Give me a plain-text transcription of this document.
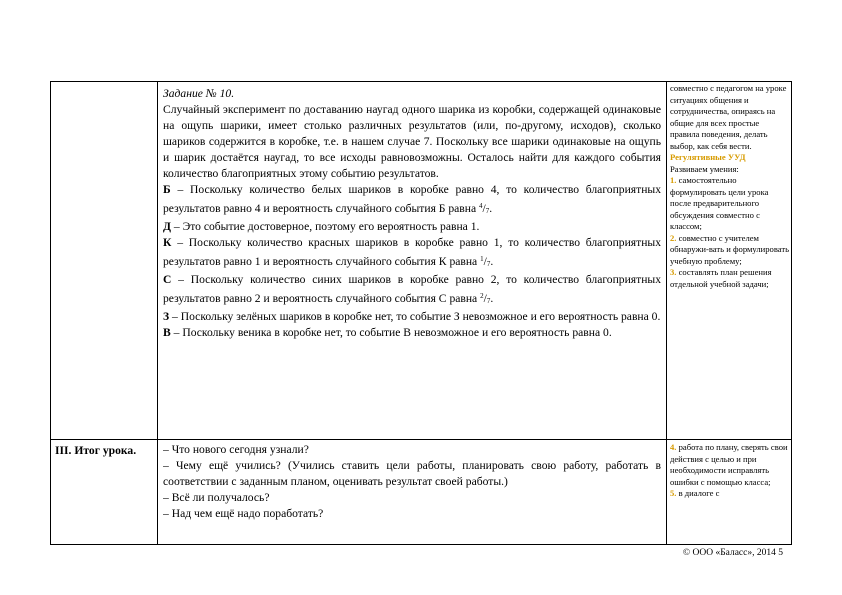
Задание № 10.

Случайный эксперимент по доставанию наугад одного шарика из коробки, содержащей одинаковые на ощупь шарики, имеет столько различных результатов (или, по-другому, исходов), сколько шариков содержится в коробке, т.е. в нашем случае 7. Поскольку все шарики одинаковые на ощупь и шарик достаётся наугад, то все исходы равновозможны. Осталось найти для каждого события количество благоприятных этому событию результатов.

Б – Поскольку количество белых шариков в коробке равно 4, то количество благоприятных результатов равно 4 и вероятность случайного события Б равна $^4/_7$.

Д – Это событие достоверное, поэтому его вероятность равна 1.

К – Поскольку количество красных шариков в коробке равно 1, то количество благоприятных результатов равно 1 и вероятность случайного события К равна $^1/_7$.

С – Поскольку количество синих шариков в коробке равно 2, то количество благоприятных результатов равно 2 и вероятность случайного события С равна $^2/_7$.

З – Поскольку зелёных шариков в коробке нет, то событие З невозможное и его вероятность равна 0.

В – Поскольку веника в коробке нет, то событие В невозможное и его вероятность равна 0.

совместно с педагогом на уроке ситуациях общения и сотрудничества, опираясь на общие для всех простые правила поведения, делать выбор, как себя вести.

Регулятивные УУД

Развиваем умения:

1. самостоятельно формулировать цели урока после предварительного обсуждения совместно с классом;

2. совместно с учителем обнаружи-вать и формулировать учебную проблему;

3. составлять план решения отдельной учебной задачи;

III. Итог урока.	– Что нового сегодня узнали?

– Чему ещё учились? (Учились ставить цели работы, планировать свою работу, работать в соответствии с заданным планом, оценивать результат своей работы.)

– Всё ли получалось?

– Над чем ещё надо поработать?

4. работа по плану, сверять свои действия с целью и при необходимости исправлять ошибки с помощью класса;

5. в диалоге с

© ООО «Баласс», 2014 5
